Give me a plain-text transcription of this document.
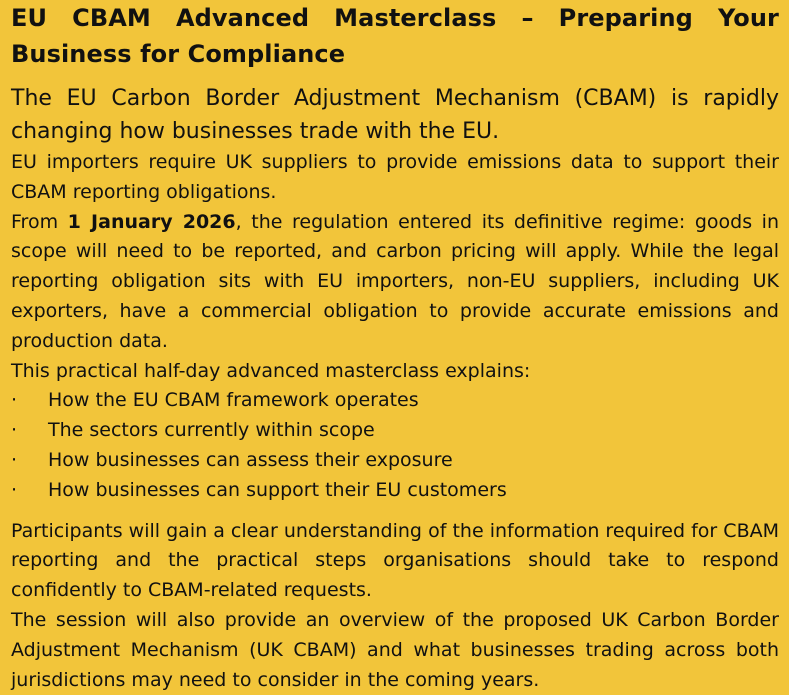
EU CBAM Advanced Masterclass – Preparing Your
Business for Compliance
The EU Carbon Border Adjustment Mechanism (CBAM) is rapidly
changing how businesses trade with the EU.

EU importers require UK suppliers to provide emissions data to support their CBAM reporting obligations.

From 1 January 2026, the regulation entered its definitive regime: goods in scope will need to be reported, and carbon pricing will apply. While the legal reporting obligation sits with EU importers, non-EU suppliers, including UK exporters, have a commercial obligation to provide accurate emissions and production data.

This practical half-day advanced masterclass explains:

· How the EU CBAM framework operates
· The sectors currently within scope
· How businesses can assess their exposure
· How businesses can support their EU customers

Participants will gain a clear understanding of the information required for CBAM reporting and the practical steps organisations should take to respond confidently to CBAM-related requests.

The session will also provide an overview of the proposed UK Carbon Border Adjustment Mechanism (UK CBAM) and what businesses trading across both jurisdictions may need to consider in the coming years.
